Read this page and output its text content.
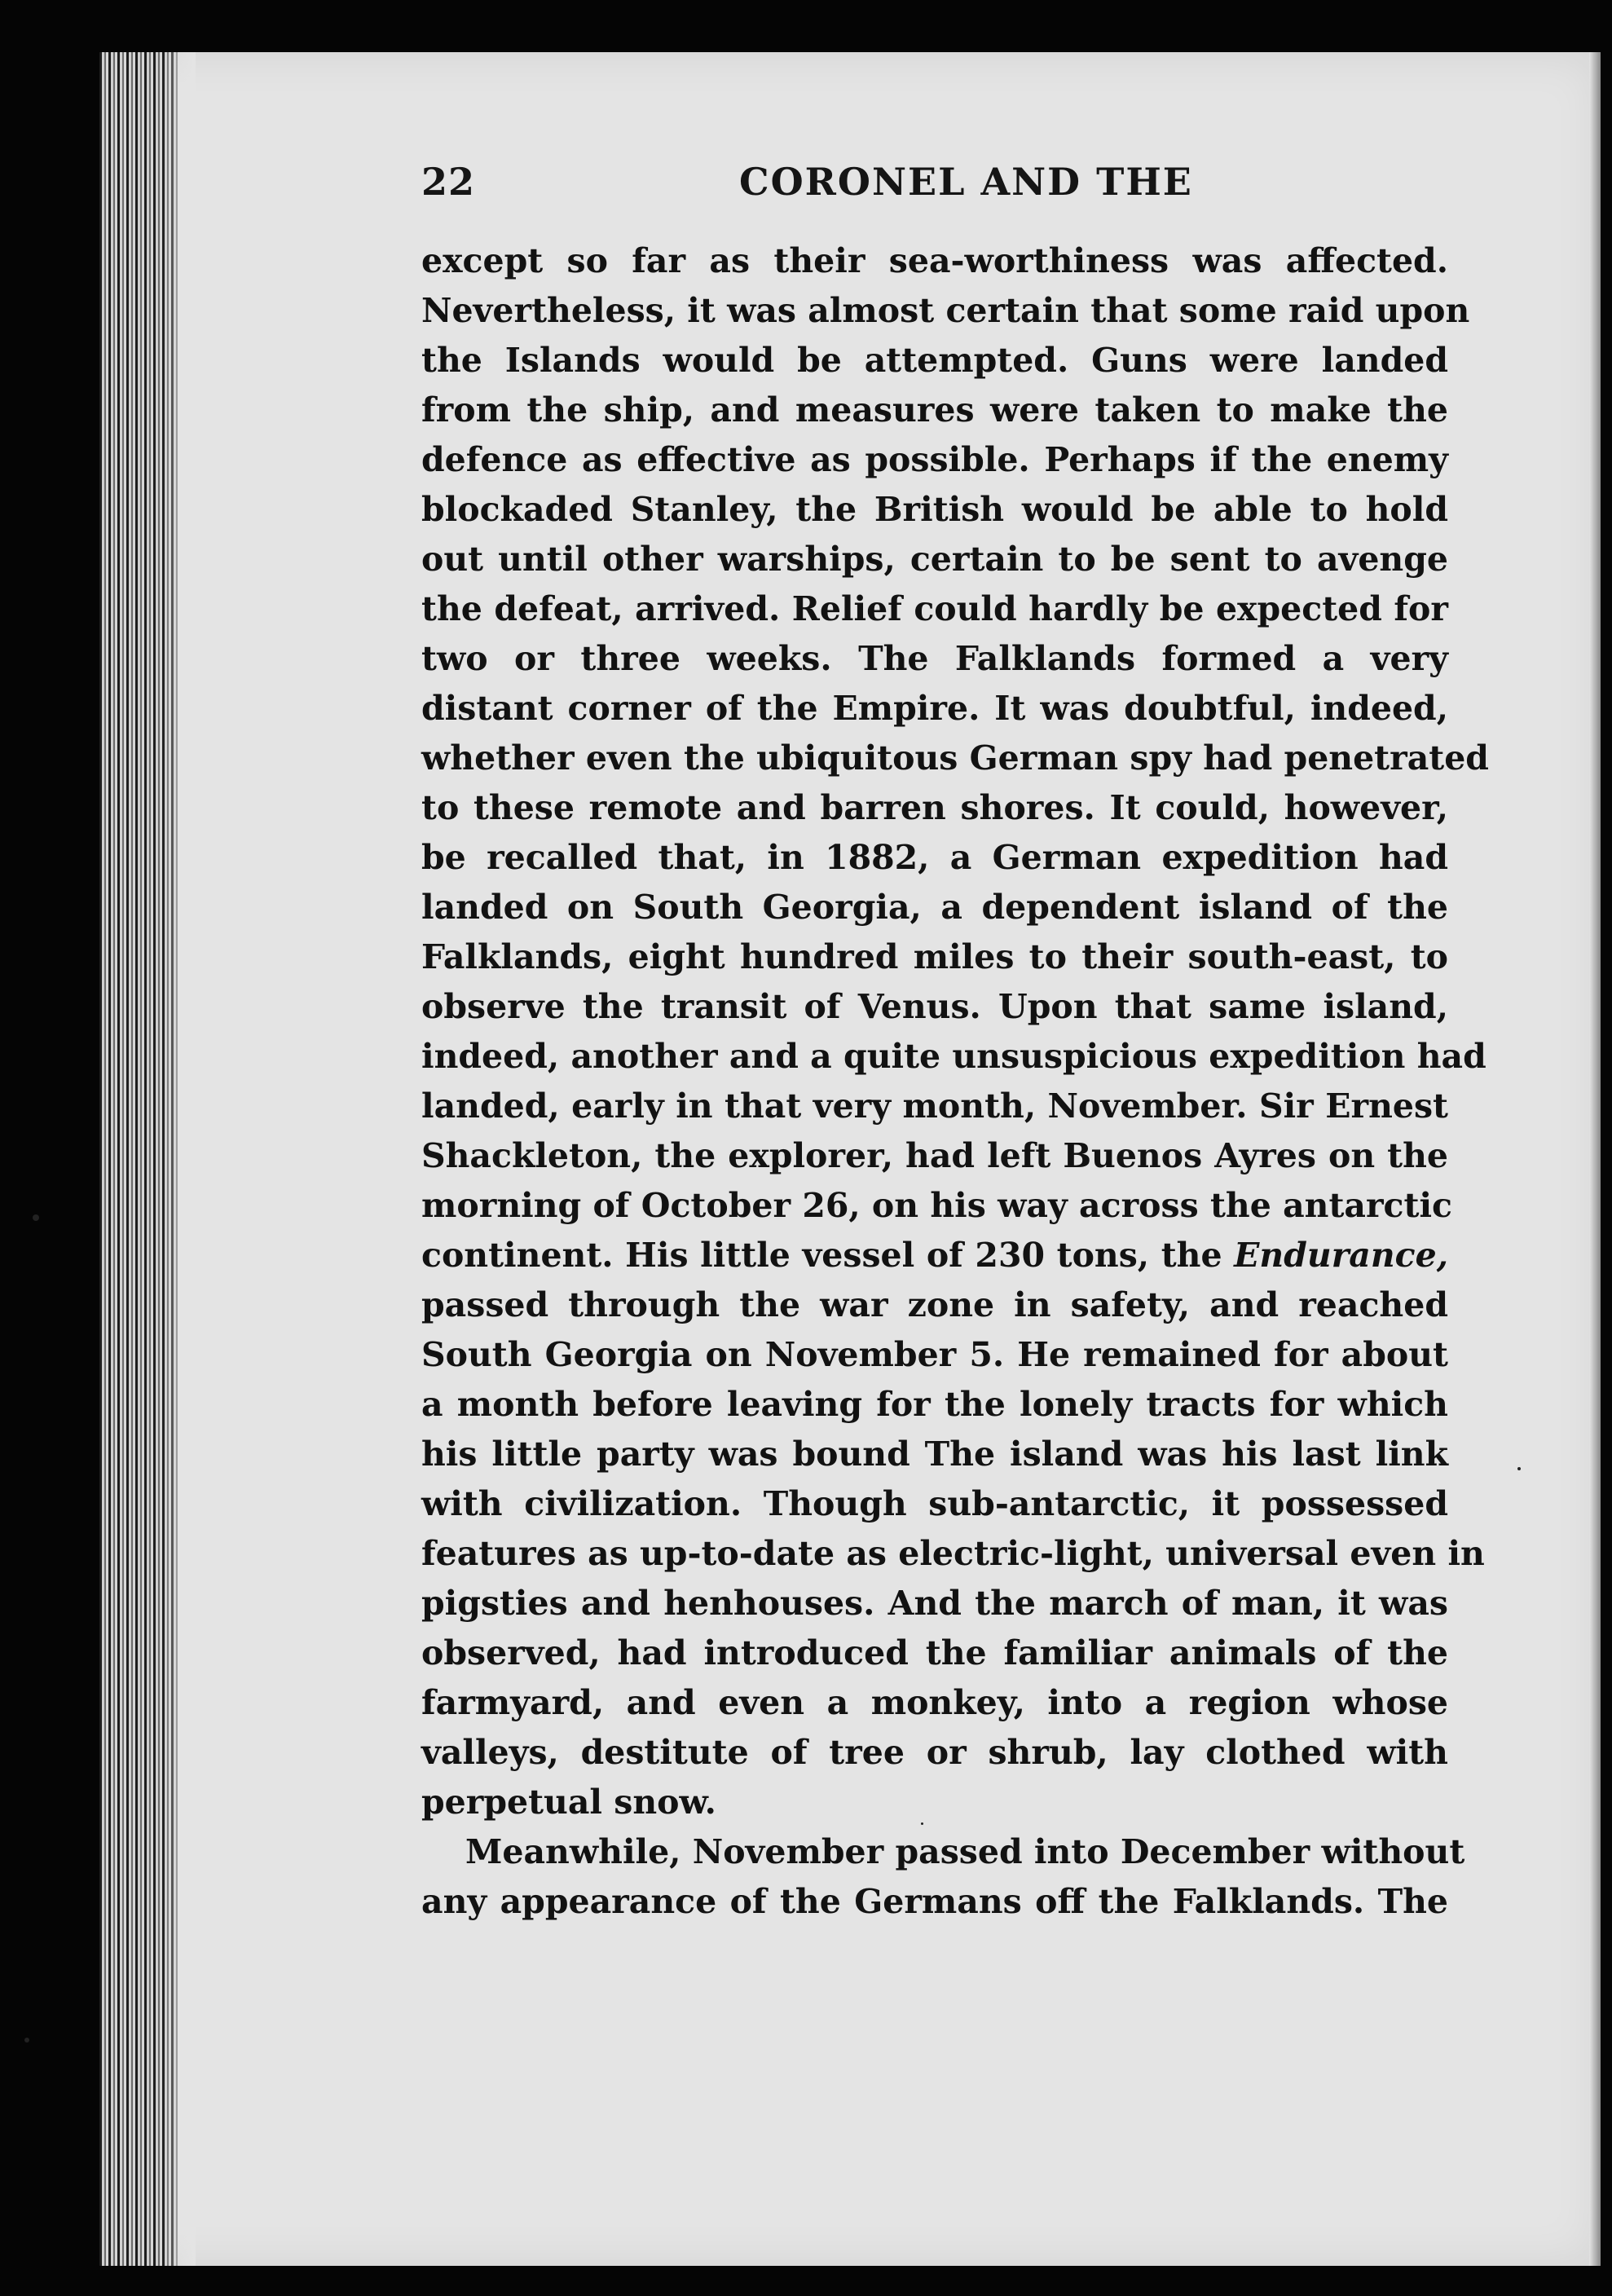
22	CORONEL AND THE
except so far as their sea-worthiness was affected.
Nevertheless, it was almost certain that some raid upon
the Islands would be attempted. Guns were landed
from the ship, and measures were taken to make the
defence as effective as possible. Perhaps if the enemy
blockaded Stanley, the British would be able to hold
out until other warships, certain to be sent to avenge
the defeat, arrived. Relief could hardly be expected for
two or three weeks. The Falklands formed a very
distant corner of the Empire. It was doubtful, indeed,
whether even the ubiquitous German spy had penetrated
to these remote and barren shores. It could, however,
be recalled that, in 1882, a German expedition had
landed on South Georgia, a dependent island of the
Falklands, eight hundred miles to their south-east, to
observe the transit of Venus. Upon that same island,
indeed, another and a quite unsuspicious expedition had
landed, early in that very month, November. Sir Ernest
Shackleton, the explorer, had left Buenos Ayres on the
morning of October 26, on his way across the antarctic
continent. His little vessel of 230 tons, the Endurance,
passed through the war zone in safety, and reached
South Georgia on November 5. He remained for about
a month before leaving for the lonely tracts for which
his little party was bound The island was his last link
with civilization. Though sub-antarctic, it possessed
features as up-to-date as electric-light, universal even in
pigsties and henhouses. And the march of man, it was
observed, had introduced the familiar animals of the
farmyard, and even a monkey, into a region whose
valleys, destitute of tree or shrub, lay clothed with
perpetual snow.
Meanwhile, November passed into December without
any appearance of the Germans off the Falklands. The
